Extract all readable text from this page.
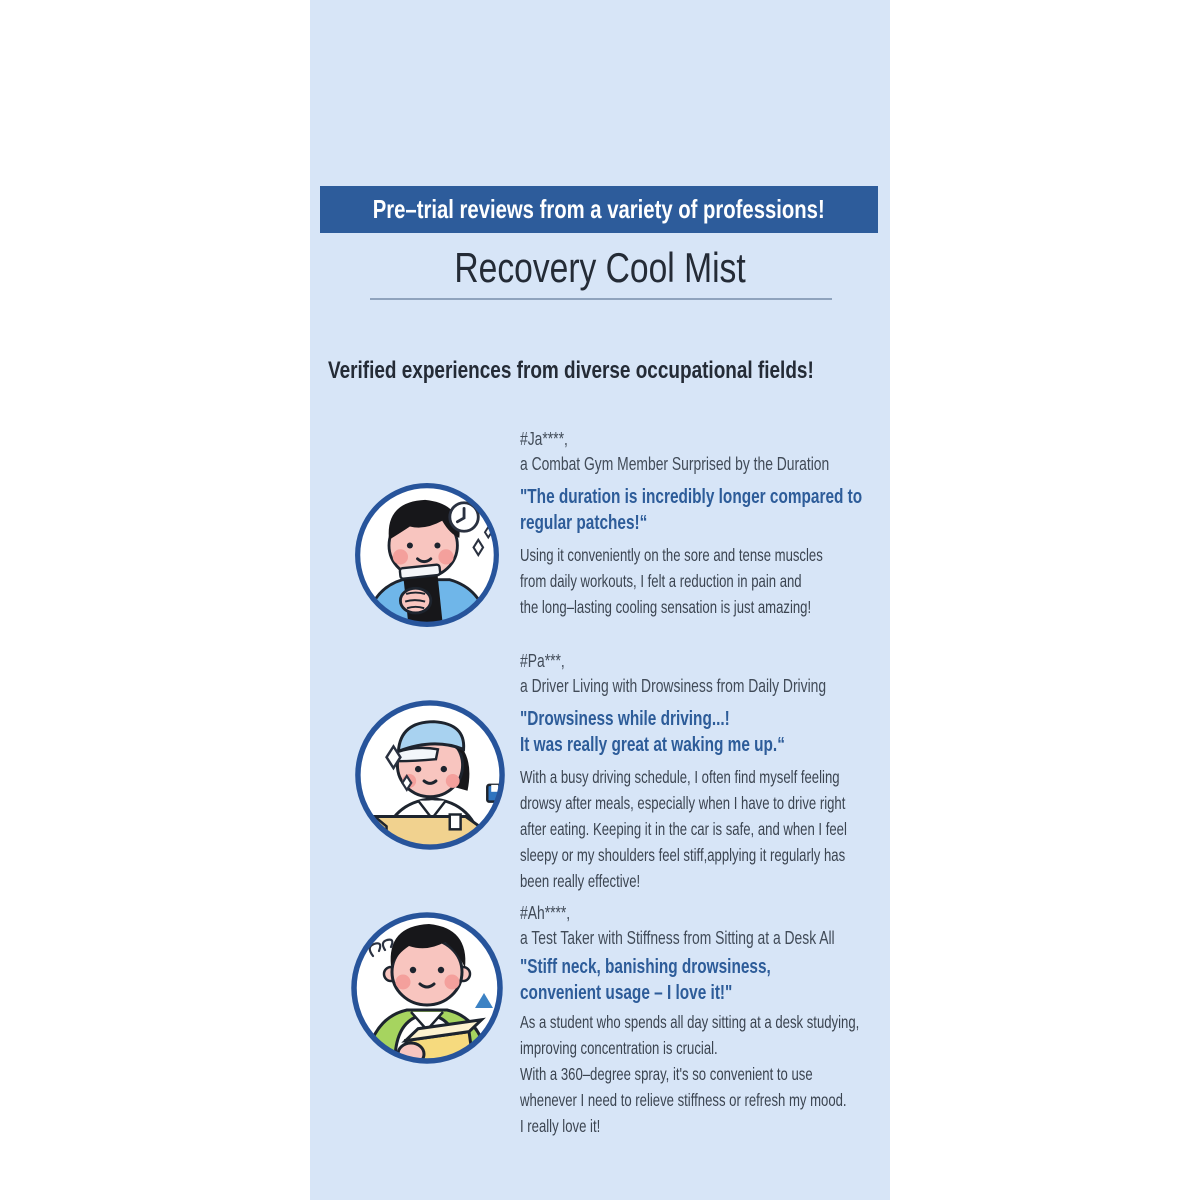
Pre–trial reviews from a variety of professions!
Recovery Cool Mist
Verified experiences from diverse occupational fields!
#Ja****,
a Combat Gym Member Surprised by the Duration
"The duration is incredibly longer compared to
regular patches!“
Using it conveniently on the sore and tense muscles
from daily workouts, I felt a reduction in pain and
the long–lasting cooling sensation is just amazing!
#Pa***,
a Driver Living with Drowsiness from Daily Driving
"Drowsiness while driving...!
It was really great at waking me up.“
With a busy driving schedule, I often find myself feeling
drowsy after meals, especially when I have to drive right
after eating. Keeping it in the car is safe, and when I feel
sleepy or my shoulders feel stiff,applying it regularly has
been really effective!
#Ah****,
a Test Taker with Stiffness from Sitting at a Desk All
"Stiff neck, banishing drowsiness,
convenient usage – I love it!"
As a student who spends all day sitting at a desk studying,
improving concentration is crucial.
With a 360–degree spray, it's so convenient to use
whenever I need to relieve stiffness or refresh my mood.
I really love it!
